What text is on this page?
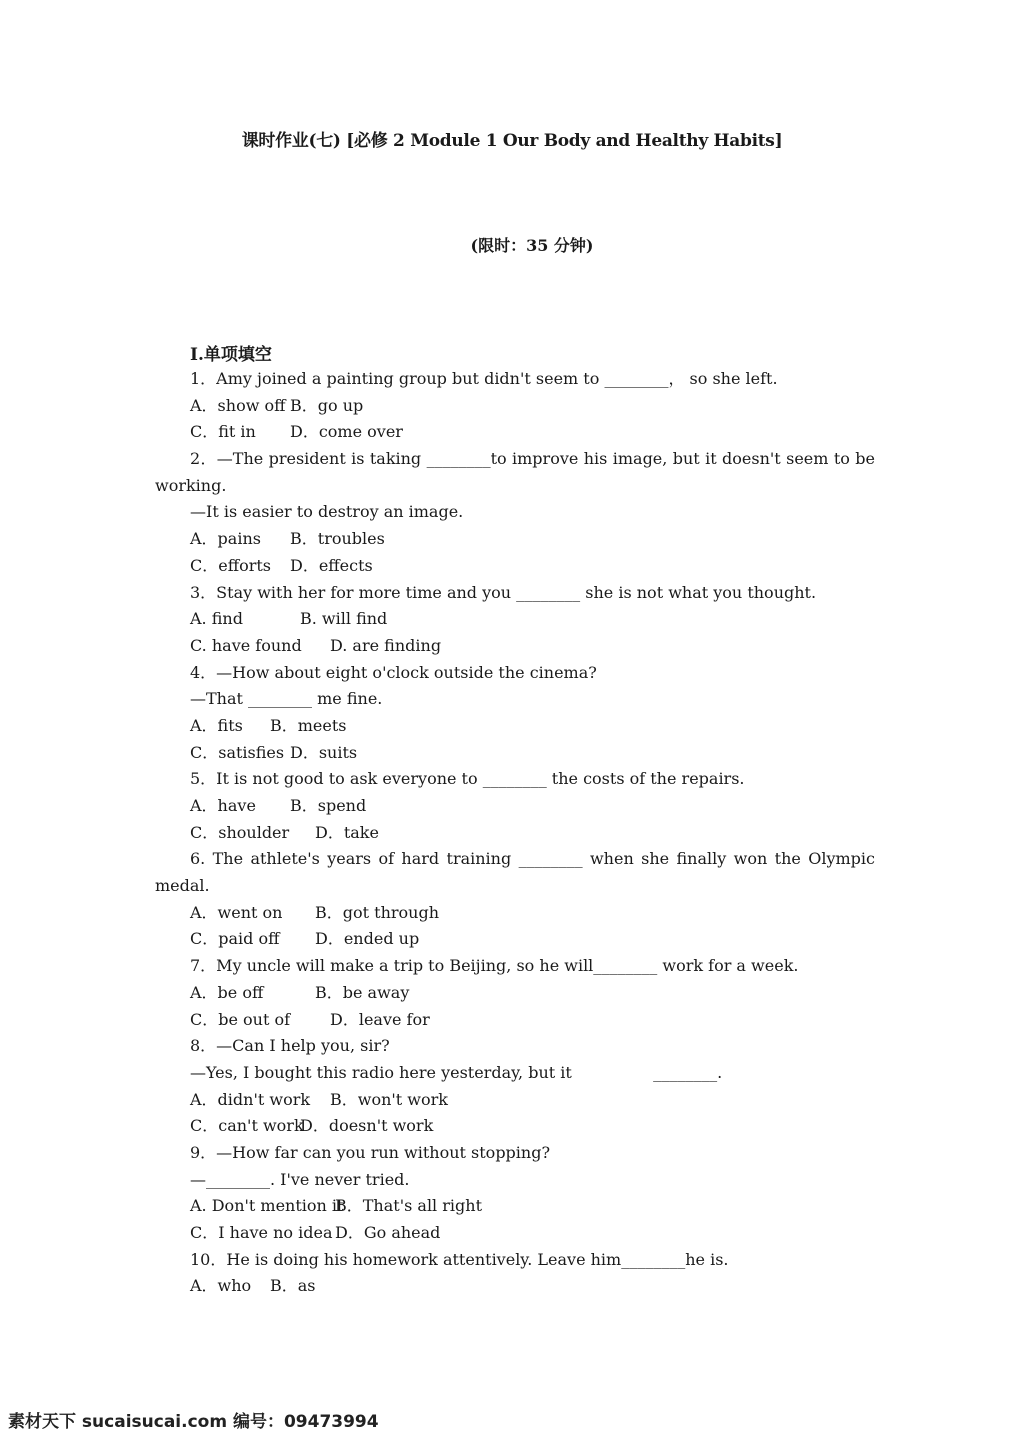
课时作业(七) [必修 2 Module 1 Our Body and Healthy Habits]
(限时：35 分钟)
Ⅰ.单项填空
1．Amy joined a painting group but didn't seem to ________， so she left.
A．show off B．go up
C．fit in D．come over
2．—The president is taking ________to improve his image, but it doesn't seem to be
working.
—It is easier to destroy an image.
A．pains B．troubles
C．efforts D．effects
3．Stay with her for more time and you ________ she is not what you thought.
A. find	B. will find
C. have found D. are finding
4．—How about eight o'clock outside the cinema?
—That ________ me fine.
A．fits B．meets
C．satisfies D．suits
5．It is not good to ask everyone to ________ the costs of the repairs.
A．have B．spend
C．shoulder D．take
6. The athlete's years of hard training ________ when she finally won the Olympic
medal.
A．went on B．got through
C．paid off D．ended up
7．My uncle will make a trip to Beijing, so he will________ work for a week.
A．be off	B．be away
C．be out of D．leave for
8．—Can I help you, sir?
—Yes, I bought this radio here yesterday, but it                ________.
A．didn't work B．won't work
C．can't workD．doesn't work
9．—How far can you run without stopping?
—________. I've never tried.
A. Don't mention itB．That's all right
C．I have no idea D．Go ahead
10．He is doing his homework attentively. Leave him________he is.
A．who B．as
素材天下 sucaisucai.com 编号：09473994
